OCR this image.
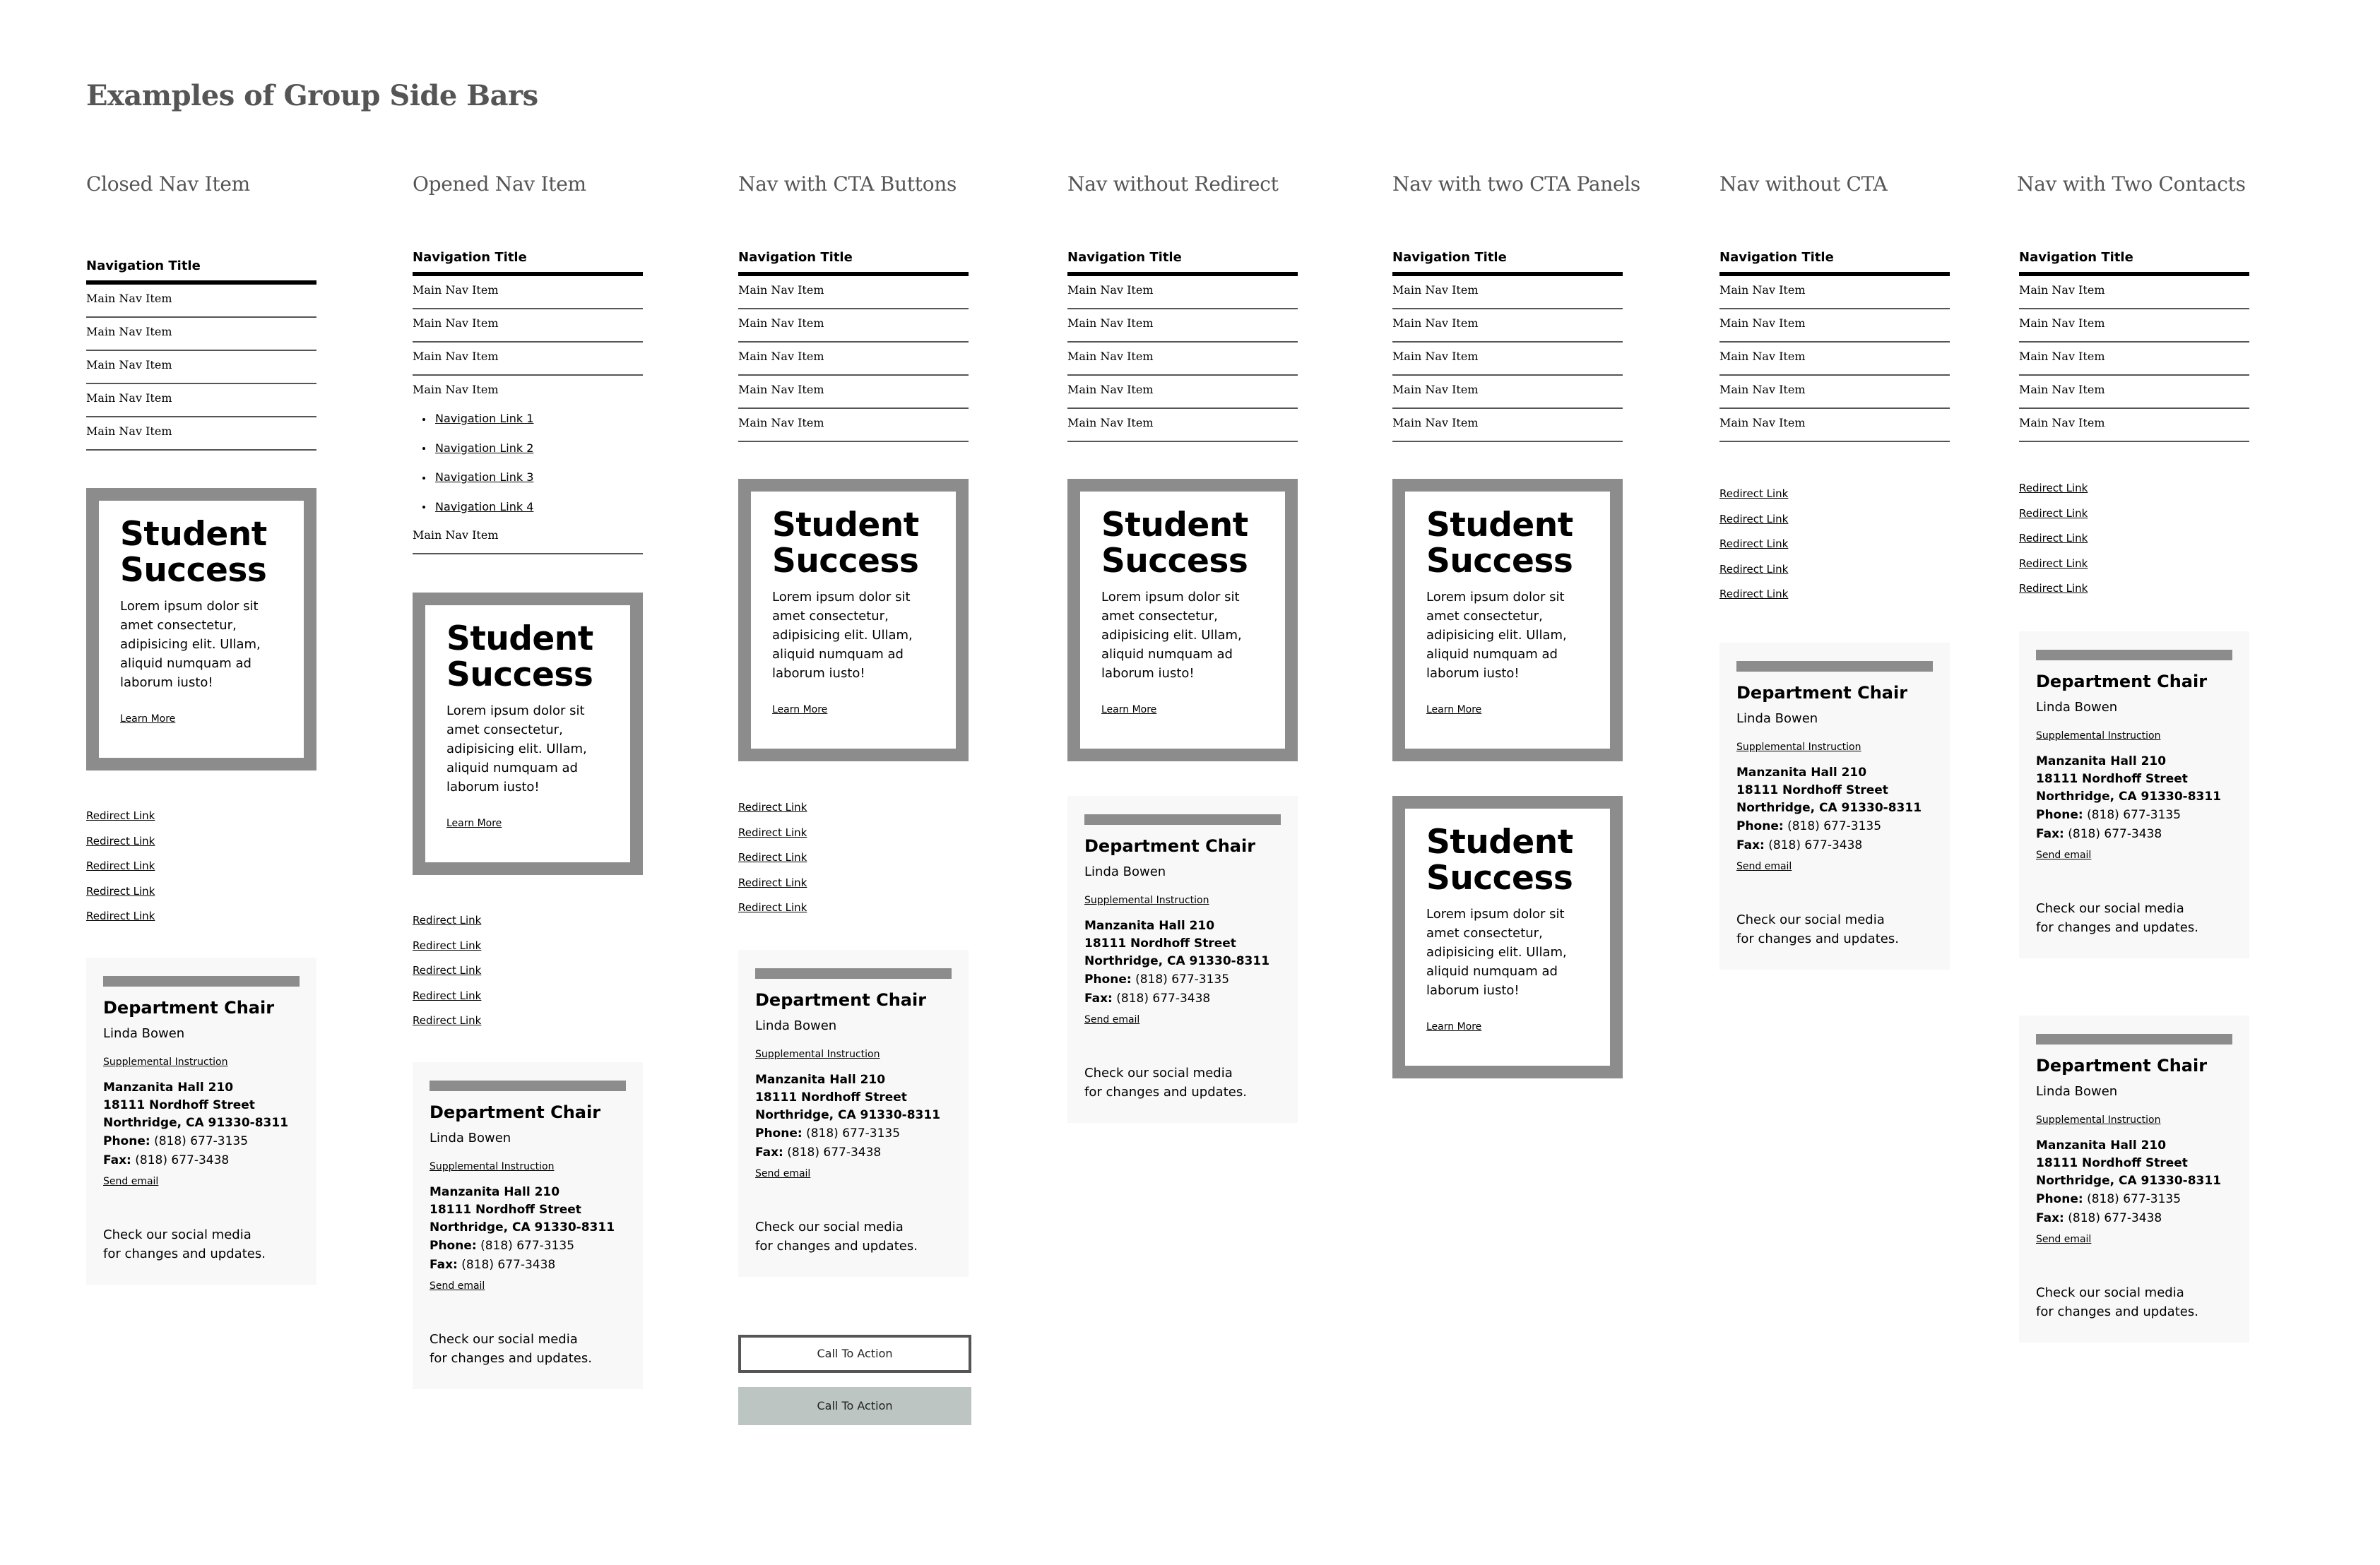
Examples of Group Side Bars
Closed Nav Item	Opened Nav Item	Nav with CTA Buttons	Nav without Redirect	Nav with two CTA Panels	Nav without CTA	Nav with Two Contacts
Navigation Title
Main Nav Item
Main Nav Item
Main Nav Item
Main Nav Item
Main Nav Item
Student
Success
Lorem ipsum dolor sit amet consectetur, adipisicing elit. Ullam, aliquid numquam ad laborum iusto!
Learn More
Redirect Link
Redirect Link
Redirect Link
Redirect Link
Redirect Link
Department Chair
Linda Bowen
Supplemental Instruction
Manzanita Hall 210
18111 Nordhoff Street
Northridge, CA 91330-8311
Phone: (818) 677-3135
Fax: (818) 677-3438
Send email
Check our social media
for changes and updates.
Navigation Title
Main Nav Item
Main Nav Item
Main Nav Item
Main Nav Item
Navigation Link 1
Navigation Link 2
Navigation Link 3
Navigation Link 4
Main Nav Item
Student
Success
Lorem ipsum dolor sit amet consectetur, adipisicing elit. Ullam, aliquid numquam ad laborum iusto!
Learn More
Redirect Link
Redirect Link
Redirect Link
Redirect Link
Redirect Link
Department Chair
Linda Bowen
Supplemental Instruction
Manzanita Hall 210
18111 Nordhoff Street
Northridge, CA 91330-8311
Phone: (818) 677-3135
Fax: (818) 677-3438
Send email
Check our social media
for changes and updates.
Navigation Title
Main Nav Item
Main Nav Item
Main Nav Item
Main Nav Item
Main Nav Item
Student
Success
Lorem ipsum dolor sit amet consectetur, adipisicing elit. Ullam, aliquid numquam ad laborum iusto!
Learn More
Redirect Link
Redirect Link
Redirect Link
Redirect Link
Redirect Link
Department Chair
Linda Bowen
Supplemental Instruction
Manzanita Hall 210
18111 Nordhoff Street
Northridge, CA 91330-8311
Phone: (818) 677-3135
Fax: (818) 677-3438
Send email
Check our social media
for changes and updates.
Call To Action
Call To Action
Navigation Title
Main Nav Item
Main Nav Item
Main Nav Item
Main Nav Item
Main Nav Item
Student
Success
Lorem ipsum dolor sit amet consectetur, adipisicing elit. Ullam, aliquid numquam ad laborum iusto!
Learn More
Department Chair
Linda Bowen
Supplemental Instruction
Manzanita Hall 210
18111 Nordhoff Street
Northridge, CA 91330-8311
Phone: (818) 677-3135
Fax: (818) 677-3438
Send email
Check our social media
for changes and updates.
Navigation Title
Main Nav Item
Main Nav Item
Main Nav Item
Main Nav Item
Main Nav Item
Student
Success
Lorem ipsum dolor sit amet consectetur, adipisicing elit. Ullam, aliquid numquam ad laborum iusto!
Learn More
Student
Success
Lorem ipsum dolor sit amet consectetur, adipisicing elit. Ullam, aliquid numquam ad laborum iusto!
Learn More
Navigation Title
Main Nav Item
Main Nav Item
Main Nav Item
Main Nav Item
Main Nav Item
Redirect Link
Redirect Link
Redirect Link
Redirect Link
Redirect Link
Department Chair
Linda Bowen
Supplemental Instruction
Manzanita Hall 210
18111 Nordhoff Street
Northridge, CA 91330-8311
Phone: (818) 677-3135
Fax: (818) 677-3438
Send email
Check our social media
for changes and updates.
Navigation Title
Main Nav Item
Main Nav Item
Main Nav Item
Main Nav Item
Main Nav Item
Redirect Link
Redirect Link
Redirect Link
Redirect Link
Redirect Link
Department Chair
Linda Bowen
Supplemental Instruction
Manzanita Hall 210
18111 Nordhoff Street
Northridge, CA 91330-8311
Phone: (818) 677-3135
Fax: (818) 677-3438
Send email
Check our social media
for changes and updates.
Department Chair
Linda Bowen
Supplemental Instruction
Manzanita Hall 210
18111 Nordhoff Street
Northridge, CA 91330-8311
Phone: (818) 677-3135
Fax: (818) 677-3438
Send email
Check our social media
for changes and updates.
